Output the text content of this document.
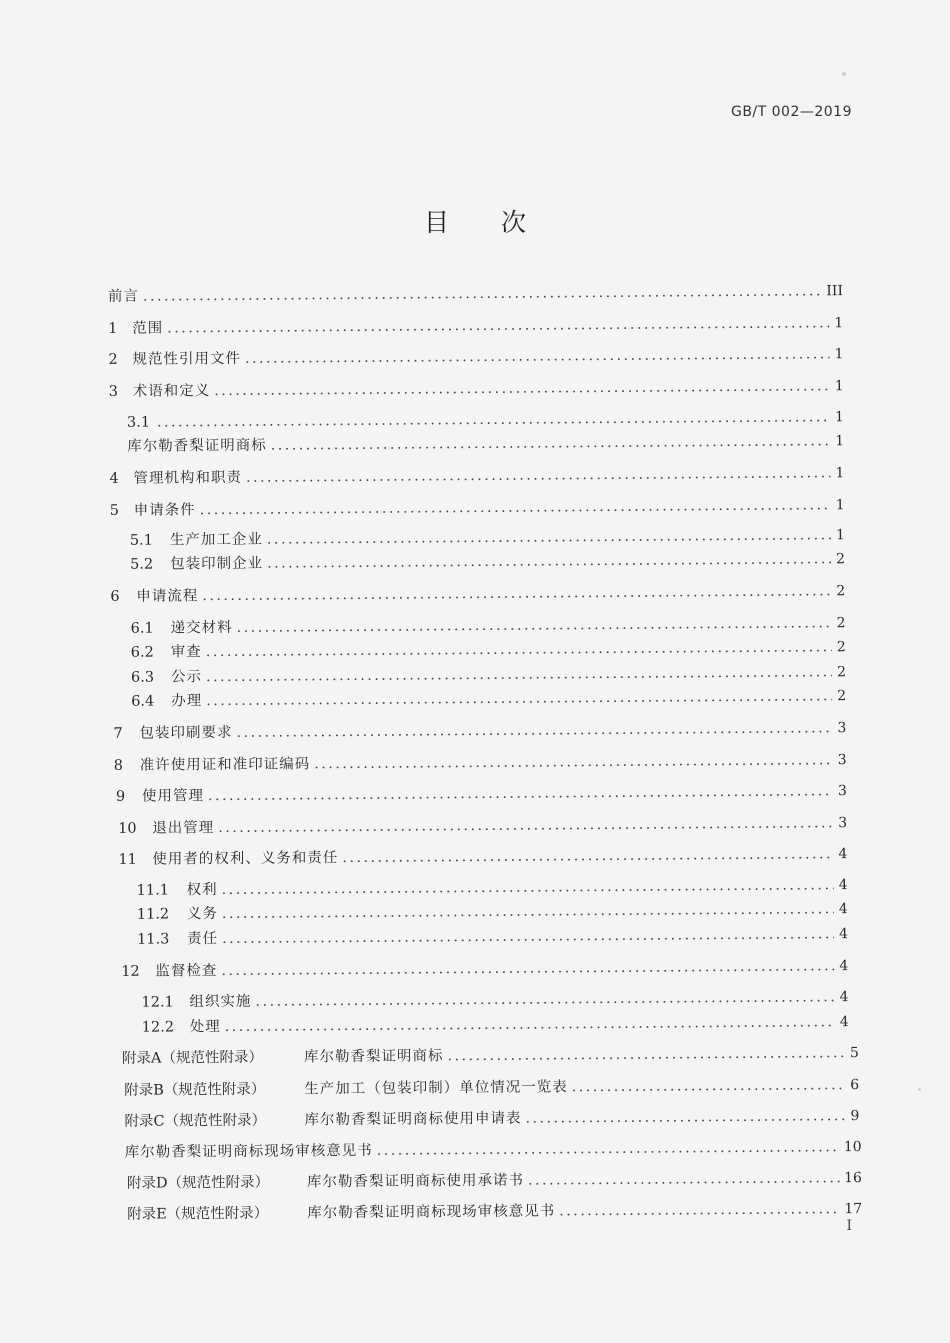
GB/T 002—2019
目 次
前言 .....	III
1	范围 .....	1
2	规范性引用文件 .....	1
3	术语和定义 .....	1
3.1 .....	1
库尔勒香梨证明商标 .....	1
4	管理机构和职责 .....	1
5	申请条件 .....	1
5.1	生产加工企业 .....	1
5.2	包装印制企业 .....	2
6	申请流程 .....	2
6.1	递交材料 .....	2
6.2	审查 .....	2
6.3	公示 .....	2
6.4	办理 .....	2
7	包装印刷要求 .....	3
8	准许使用证和准印证编码 .....	3
9	使用管理 .....	3
10	退出管理 .....	3
11	使用者的权利、义务和责任 .....	4
11.1	权利 .....	4
11.2	义务 .....	4
11.3	责任 .....	4
12	监督检查 .....	4
12.1	组织实施 .....	4
12.2	处理 .....	4
附录A（规范性附录）	库尔勒香梨证明商标 .....	5
附录B（规范性附录）	生产加工（包装印制）单位情况一览表 .....	6
附录C（规范性附录）	库尔勒香梨证明商标使用申请表 .....	9
库尔勒香梨证明商标现场审核意见书 .....	10
附录D（规范性附录）	库尔勒香梨证明商标使用承诺书 .....	16
附录E（规范性附录）	库尔勒香梨证明商标现场审核意见书 .....	17
I
